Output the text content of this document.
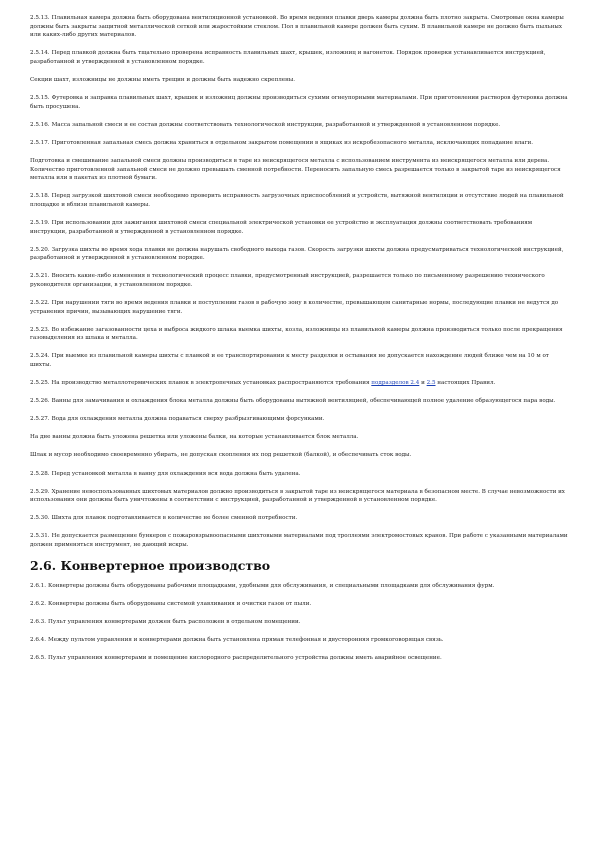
2.5.13. Плавильная камера должна быть оборудована вентиляционной установкой. Во время ведения плавки дверь камеры должна быть плотно закрыта. Смотровые окна камеры должны быть закрыты защитной металлической сеткой или жаростойким стеклом. Пол в плавильной камере должен быть сухим. В плавильной камере не должно быть пыльных или каких-либо других материалов.

2.5.14. Перед плавкой должна быть тщательно проверена исправность плавильных шахт, крышек, изложниц и вагонеток. Порядок проверки устанавливается инструкцией, разработанной и утвержденной в установленном порядке.

Секции шахт, изложницы не должны иметь трещин и должны быть надежно скреплены.

2.5.15. Футеровка и заправка плавильных шахт, крышек и изложниц должны производиться сухими огнеупорными материалами. При приготовлении растворов футеровка должна быть просушена.

2.5.16. Масса запальной смеси и ее состав должны соответствовать технологической инструкции, разработанной и утвержденной в установленном порядке.

2.5.17. Приготовленная запальная смесь должна храниться в отдельном закрытом помещении в ящиках из искробезопасного металла, исключающих попадание влаги.

Подготовка и смешивание запальной смеси должны производиться в таре из неискрящегося металла с использованием инструмента из неискрящегося металла или дерева. Количество приготовленной запальной смеси не должно превышать сменной потребности. Переносить запальную смесь разрешается только в закрытой таре из неискрящегося металла или в пакетах из плотной бумаги.

2.5.18. Перед загрузкой шихтовой смеси необходимо проверить исправность загрузочных приспособлений и устройств, вытяжной вентиляции и отсутствие людей на плавильной площадке и вблизи плавильной камеры.

2.5.19. При использовании для зажигания шихтовой смеси специальной электрической установки ее устройство и эксплуатация должны соответствовать требованиям инструкции, разработанной и утвержденной в установленном порядке.

2.5.20. Загрузка шихты во время хода плавки не должна нарушать свободного выхода газов. Скорость загрузки шихты должна предусматриваться технологической инструкцией, разработанной и утвержденной в установленном порядке.

2.5.21. Вносить какие-либо изменения в технологический процесс плавки, предусмотренный инструкцией, разрешается только по письменному разрешению технического руководителя организации, в установленном порядке.

2.5.22. При нарушении тяги во время ведения плавки и поступлении газов в рабочую зону в количестве, превышающем санитарные нормы, последующие плавки не ведутся до устранения причин, вызывающих нарушение тяги.

2.5.23. Во избежание загазованности цеха и выброса жидкого шлака выемка шихты, козла, изложницы из плавильной камеры должна производиться только после прекращения газовыделения из шлака и металла.

2.5.24. При выемке из плавильной камеры шихты с плавкой и ее транспортировании к месту разделки и остывания не допускается нахождение людей ближе чем на 10 м от шихты.

2.5.25. На производство металлотермических плавок в электропечных установках распространяются требования подразделов 2.4 и 2.5 настоящих Правил.

2.5.26. Ванны для замачивания и охлаждения блока металла должны быть оборудованы вытяжной вентиляцией, обеспечивающей полное удаление образующегося пара воды.

2.5.27. Вода для охлаждения металла должна подаваться сверху разбрызгивающими форсунками.

На дне ванны должна быть уложена решетка или уложены балки, на которые устанавливается блок металла.

Шлак и мусор необходимо своевременно убирать, не допуская скопления их под решеткой (балкой), и обеспечивать сток воды.

2.5.28. Перед установкой металла в ванну для охлаждения вся вода должна быть удалена.

2.5.29. Хранение невоспользованных шихтовых материалов должно производиться в закрытой таре из неискрящегося материала в безопасном месте. В случае невозможности их использования они должны быть уничтожены в соответствии с инструкцией, разработанной и утвержденной в установленном порядке.

2.5.30. Шихта для плавок подготавливается в количестве не более сменной потребности.

2.5.31. Не допускается размещение бункеров с пожаровзрывоопасными шихтовыми материалами под троллеями электромостовых кранов. При работе с указанными материалами должен применяться инструмент, не дающий искры.

2.6. Конвертерное производство

2.6.1. Конвертеры должны быть оборудованы рабочими площадками, удобными для обслуживания, и специальными площадками для обслуживания фурм.

2.6.2. Конвертеры должны быть оборудованы системой улавливания и очистки газов от пыли.

2.6.3. Пульт управления конвертерами должен быть расположен в отдельном помещении.

2.6.4. Между пультом управления и конвертерами должна быть установлена прямая телефонная и двусторонняя громкоговорящая связь.

2.6.5. Пульт управления конвертерами и помещение кислородного распределительного устройства должны иметь аварийное освещение.
